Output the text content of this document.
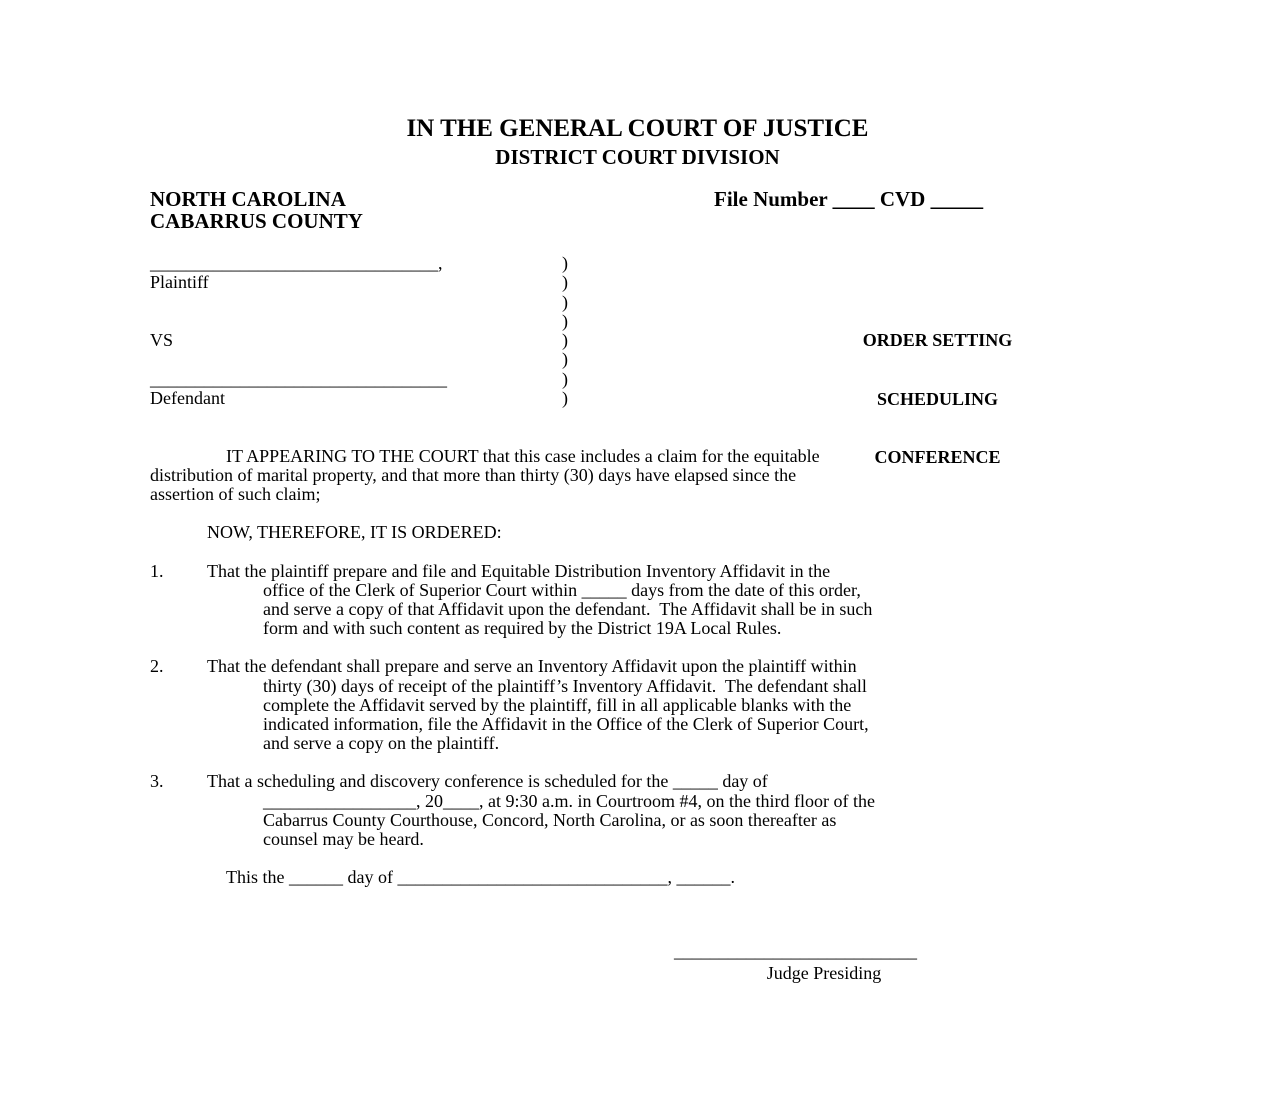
IN THE GENERAL COURT OF JUSTICE
DISTRICT COURT DIVISION
NORTH CAROLINA
CABARRUS COUNTY
File Number ____ CVD _____
________________________________,
Plaintiff
VS
_________________________________
Defendant
)
)
)
)
)
)
)
)

ORDER SETTING

SCHEDULING

CONFERENCE

IT APPEARING TO THE COURT that this case includes a claim for the equitable
distribution of marital property, and that more than thirty (30) days have elapsed since the
assertion of such claim;
NOW, THEREFORE, IT IS ORDERED:
1. That the plaintiff prepare and file and Equitable Distribution Inventory Affidavit in the
office of the Clerk of Superior Court within _____ days from the date of this order,
and serve a copy of that Affidavit upon the defendant.  The Affidavit shall be in such
form and with such content as required by the District 19A Local Rules.
2. That the defendant shall prepare and serve an Inventory Affidavit upon the plaintiff within
thirty (30) days of receipt of the plaintiff’s Inventory Affidavit.  The defendant shall
complete the Affidavit served by the plaintiff, fill in all applicable blanks with the
indicated information, file the Affidavit in the Office of the Clerk of Superior Court,
and serve a copy on the plaintiff.
3. That a scheduling and discovery conference is scheduled for the _____ day of
_________________, 20____, at 9:30 a.m. in Courtroom #4, on the third floor of the
Cabarrus County Courthouse, Concord, North Carolina, or as soon thereafter as
counsel may be heard.
This the ______ day of ______________________________, ______.
___________________________
Judge Presiding
